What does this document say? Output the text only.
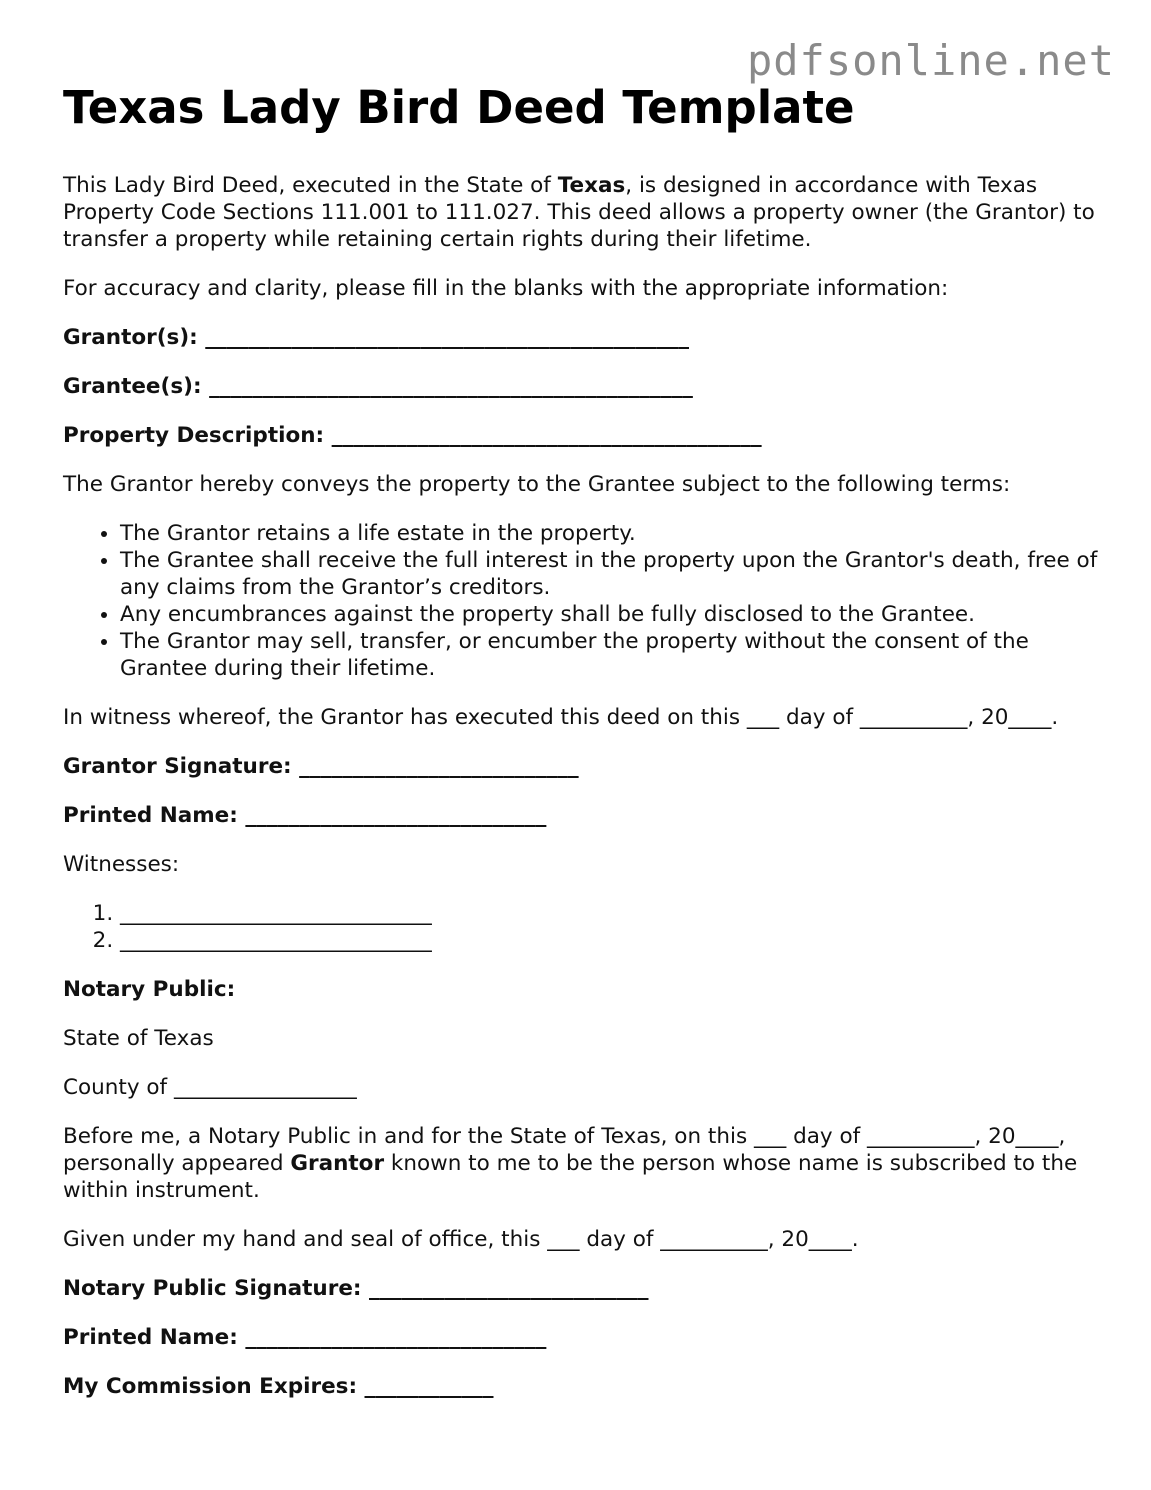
pdfsonline.net
Texas Lady Bird Deed Template

This Lady Bird Deed, executed in the State of Texas, is designed in accordance with Texas Property Code Sections 111.001 to 111.027. This deed allows a property owner (the Grantor) to transfer a property while retaining certain rights during their lifetime.

For accuracy and clarity, please fill in the blanks with the appropriate information:

Grantor(s): _____________________________________________

Grantee(s): _____________________________________________

Property Description: ________________________________________

The Grantor hereby conveys the property to the Grantee subject to the following terms:

• The Grantor retains a life estate in the property.
• The Grantee shall receive the full interest in the property upon the Grantor's death, free of any claims from the Grantor’s creditors.
• Any encumbrances against the property shall be fully disclosed to the Grantee.
• The Grantor may sell, transfer, or encumber the property without the consent of the Grantee during their lifetime.

In witness whereof, the Grantor has executed this deed on this ___ day of __________, 20____.

Grantor Signature: __________________________

Printed Name: ____________________________

Witnesses:

1. _____________________________
2. _____________________________

Notary Public:

State of Texas

County of _________________

Before me, a Notary Public in and for the State of Texas, on this ___ day of __________, 20____, personally appeared Grantor known to me to be the person whose name is subscribed to the within instrument.

Given under my hand and seal of office, this ___ day of __________, 20____.

Notary Public Signature: __________________________

Printed Name: ____________________________

My Commission Expires: ____________
